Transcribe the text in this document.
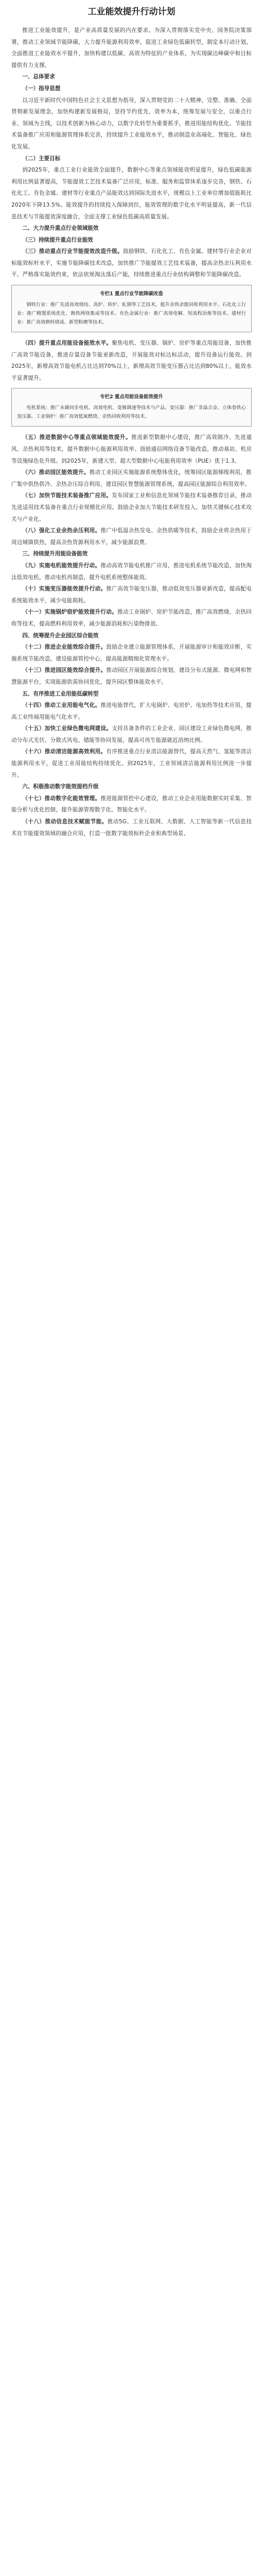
工业能效提升行动计划

推进工业能效提升，是产业高质量发展的内在要求。为深入贯彻落实党中央、国务院决策部署，推动工业领域节能降碳，大力提升能源利用效率，促进工业绿色低碳转型，制定本行动计划，全面推进工业能效水平提升，加快构建以低碳、高效为特征的产业体系，为实现碳达峰碳中和目标提供有力支撑。

一、总体要求

（一）指导思想

以习近平新时代中国特色社会主义思想为指导，深入贯彻党的二十大精神，完整、准确、全面贯彻新发展理念，加快构建新发展格局，坚持节约优先、效率为本，统筹发展与安全，以重点行业、领域为主线，以技术创新为核心动力，以数字化转型为重要抓手，推进用能结构优化、节能技术装备推广应用和能源管理体系完善，持续提升工业能效水平，推动制造业高端化、智能化、绿色化发展。

（二）主要目标

到2025年，重点工业行业能效全面提升，数据中心等重点领域能效明显提升，绿色低碳能源利用比例显著提高，节能提效工艺技术装备广泛应用，标准、服务和监管体系逐步完善，钢铁、石化化工、有色金属、建材等行业重点产品能效达到国际先进水平，规模以上工业单位增加值能耗比2020年下降13.5%。能效提升的持续投入保障到位，能效管理的数字化水平明显提高，新一代信息技术与节能提效深度融合，全面支撑工业绿色低碳高质量发展。

二、大力提升重点行业领域能效

（三）持续提升重点行业能效

（三）推动重点行业节能提效改造升级。鼓励钢铁、石化化工、有色金属、建材等行业企业对标能效标杆水平，实施节能降碳技术改造，加快推广节能提效工艺技术装备，提高余热余压利用水平。严格落实能效约束，依法依规淘汰落后产能，持续推进重点行业结构调整和节能降碳改造。

专栏1 重点行业节能降碳改造

钢铁行业：推广先进高效烧结、高炉、转炉、轧钢等工艺技术，提升余热余能回收利用水平。石化化工行业：推广精馏系统优化、换热网络集成等技术。有色金属行业：推广高效电解、短流程冶炼等技术。建材行业：推广高效熟料烧成、新型粉磨等技术。

（四）提升重点用能设备能效水平。聚焦电机、变压器、锅炉、窑炉等重点用能设备，加快推广高效节能设备，推进存量设备节能更新改造，开展能效对标达标活动，提升设备运行能效。到2025年，新增高效节能电机占比达到70%以上，新增高效节能变压器占比达到80%以上，能效水平显著提升。

专栏2 重点用能设备能效提升

电机系统：推广永磁同步电机、高效电机、变频调速等技术与产品。变压器：推广非晶合金、立体卷铁心变压器。工业锅炉：推广高效低氮燃烧、余热回收利用等技术。

（五）推进数据中心等重点领域能效提升。推进新型数据中心建设，推广高效制冷、先进通风、余热利用等技术，提升数据中心能源利用效率。鼓励通信网络设备节能改造，推动基站、机房等设施绿色化升级。到2025年，新建大型、超大型数据中心电能利用效率（PUE）优于1.3。

（六）推动园区能效提升。推动工业园区实施能源系统整体优化，统筹园区能源梯级利用，推广集中供热供冷、余热余压综合利用，建设园区智慧能源管理系统，提高园区能源综合利用效率。

（七）加快节能技术装备推广应用。发布国家工业和信息化领域节能技术装备推荐目录，推动先进适用技术装备在重点行业规模化应用。鼓励企业加大节能技术研发投入，加快关键核心技术攻关与产业化。

（八）强化工业余热余压利用。推广中低温余热发电、余热供暖等技术，鼓励企业将余热用于周边城镇供热，提高余热资源利用水平，减少能源浪费。

三、持续提升用能设备能效

（九）实施电机能效提升行动。推动高效节能电机推广应用，推进电机系统节能改造，加快淘汰低效电机，推动电机再制造，提升电机系统整体能效。

（十）实施变压器能效提升行动。推广高效节能变压器，推动低效变压器更新改造，提高配电系统能效水平，减少电能损耗。

（十一）实施锅炉窑炉能效提升行动。推动工业锅炉、窑炉节能改造，推广高效燃烧、余热回收等技术，提高燃料利用效率，减少能源消耗和污染物排放。

四、统筹提升企业园区综合能效

（十二）推进企业能效综合提升。鼓励企业建立能源管理体系，开展能源审计和能效诊断，实施系统节能改造，建设能源管控中心，提高能源精细化管理水平。

（十三）推进园区能效综合提升。推动园区开展能源综合规划，建设分布式能源、微电网和智慧能源平台，实现能源供需协同优化，提升园区整体能效水平。

五、有序推进工业用能低碳转型

（十四）推动工业用能电气化。推进电能替代，扩大电锅炉、电窑炉、电加热等技术应用，提高工业终端用能电气化水平。

（十五）加快工业绿色微电网建设。支持具备条件的工业企业、园区建设工业绿色微电网，推动分布式光伏、分散式风电、储能等协同发展，提高可再生能源就近消纳比例。

（十六）推动清洁能源高效利用。有序推进重点行业清洁能源替代，提高天然气、氢能等清洁能源利用水平，促进工业用能结构持续优化。到2025年，工业领域清洁能源利用比例进一步提升。

六、积极推动数字能效提档升级

（十七）推动数字化能效管理。推进能源管控中心建设，推动工业企业用能数据实时采集、智能分析与优化控制，提升能源管理数字化、智能化水平。

（十八）推动信息技术赋能节能。推动5G、工业互联网、大数据、人工智能等新一代信息技术在节能提效领域的融合应用，打造一批数字能效标杆企业和典型场景。
